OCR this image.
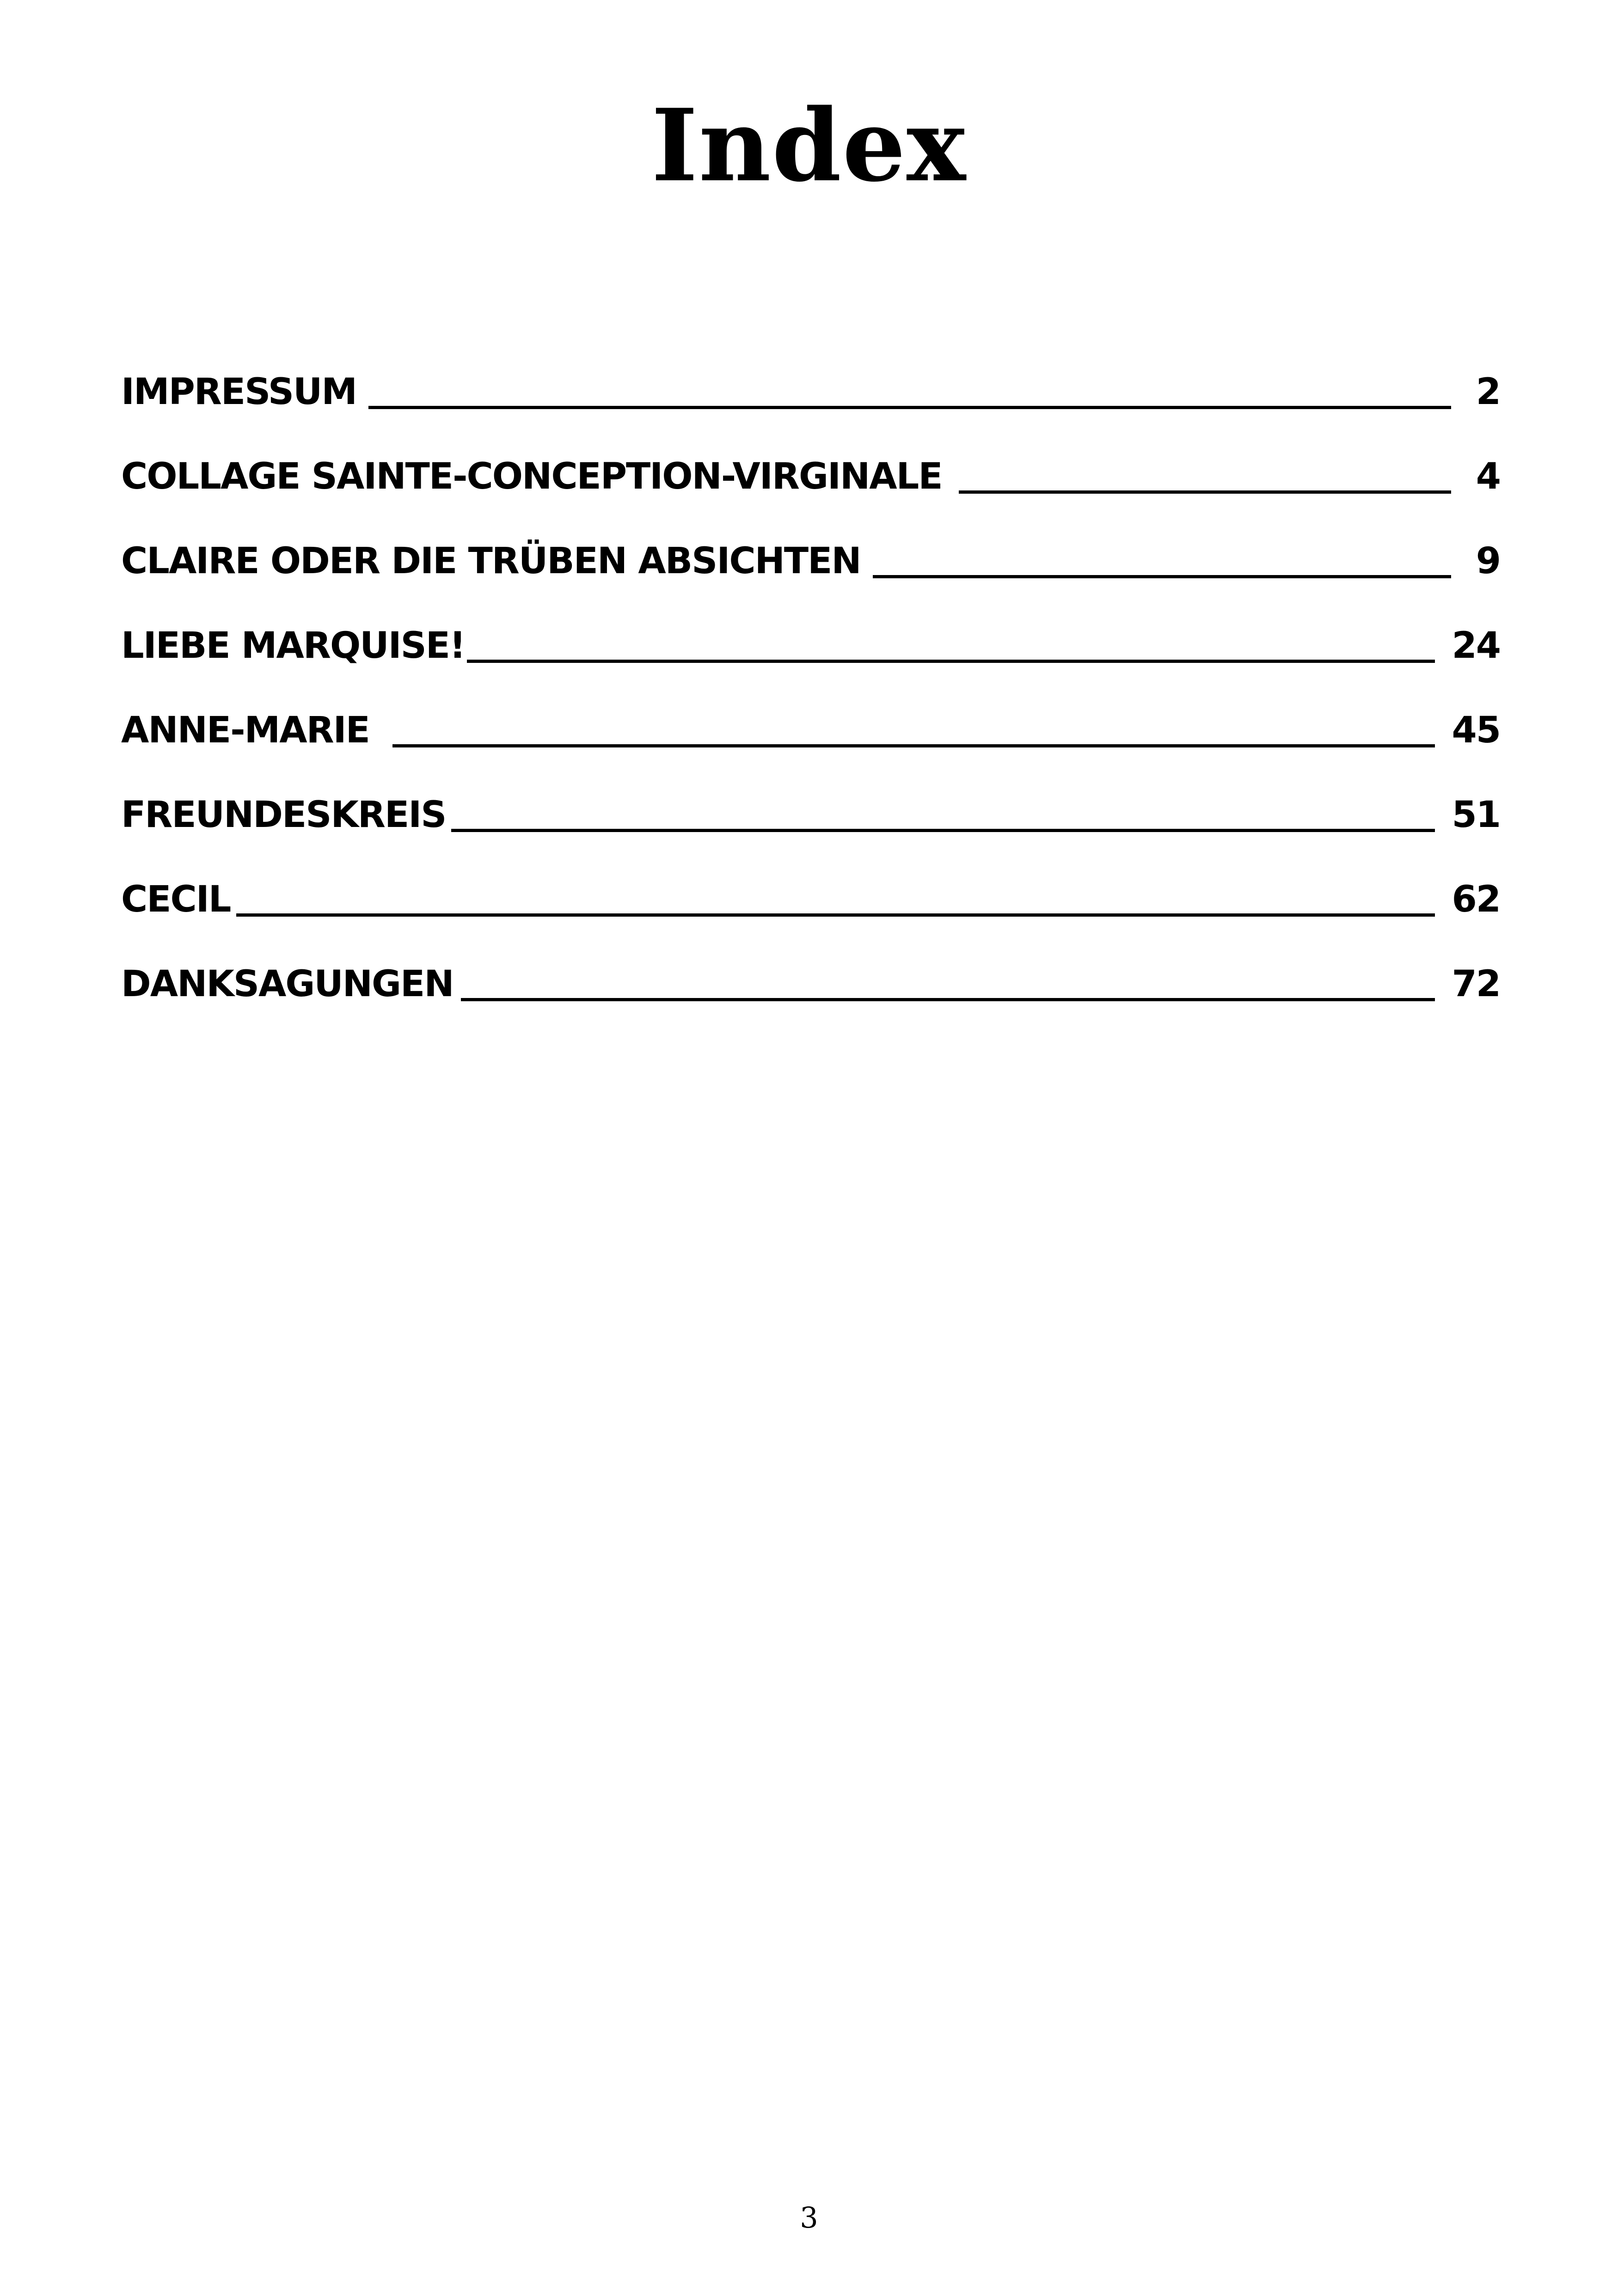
Index
IMPRESSUM	2
COLLAGE SAINTE-CONCEPTION-VIRGINALE	4
CLAIRE ODER DIE TRÜBEN ABSICHTEN	9
LIEBE MARQUISE!	24
ANNE-MARIE	45
FREUNDESKREIS	51
CECIL	62
DANKSAGUNGEN	72
3
